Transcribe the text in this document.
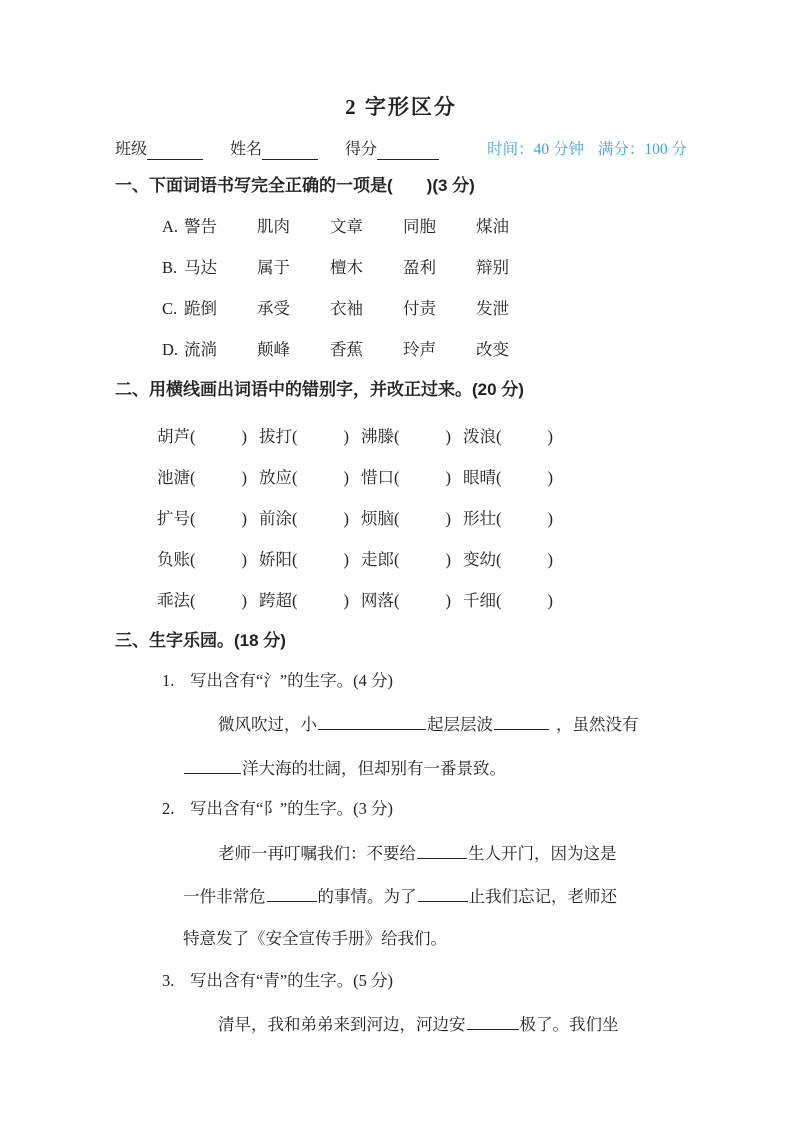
2 字形区分
班级	姓名	得分	时间：40 分钟 满分：100 分
一、下面词语书写完全正确的一项是(　　)(3 分)
A. 警告	肌肉	文章	同胞	煤油
B. 马达	属于	檀木	盈利	辩别
C. 跪倒	承受	衣袖	付责	发泄
D. 流淌	颠峰	香蕉	玲声	改变
二、用横线画出词语中的错别字，并改正过来。(20 分)
胡芦 (	) 拔打 (	) 沸滕 (	) 泼浪 (	)
池溏 (	) 放应 (	) 惜口 (	) 眼晴 (	)
扩号 (	) 前涂 (	) 烦脑 (	) 形壮 (	)
负账 (	) 娇阳 (	) 走郎 (	) 变幼 (	)
乖法 (	) 跨超 (	) 网落 (	) 千细 (	)
三、生字乐园。(18 分)
1. 写出含有“氵”的生字。(4 分)
微风吹过，小	起层层波	，虽然没有
洋大海的壮阔，但却别有一番景致。
2. 写出含有“阝”的生字。(3 分)
老师一再叮嘱我们：不要给	生人开门，因为这是
一件非常危	的事情。为了	止我们忘记，老师还
特意发了《安全宣传手册》给我们。
3. 写出含有“青”的生字。(5 分)
清早，我和弟弟来到河边，河边安	极了。我们坐
